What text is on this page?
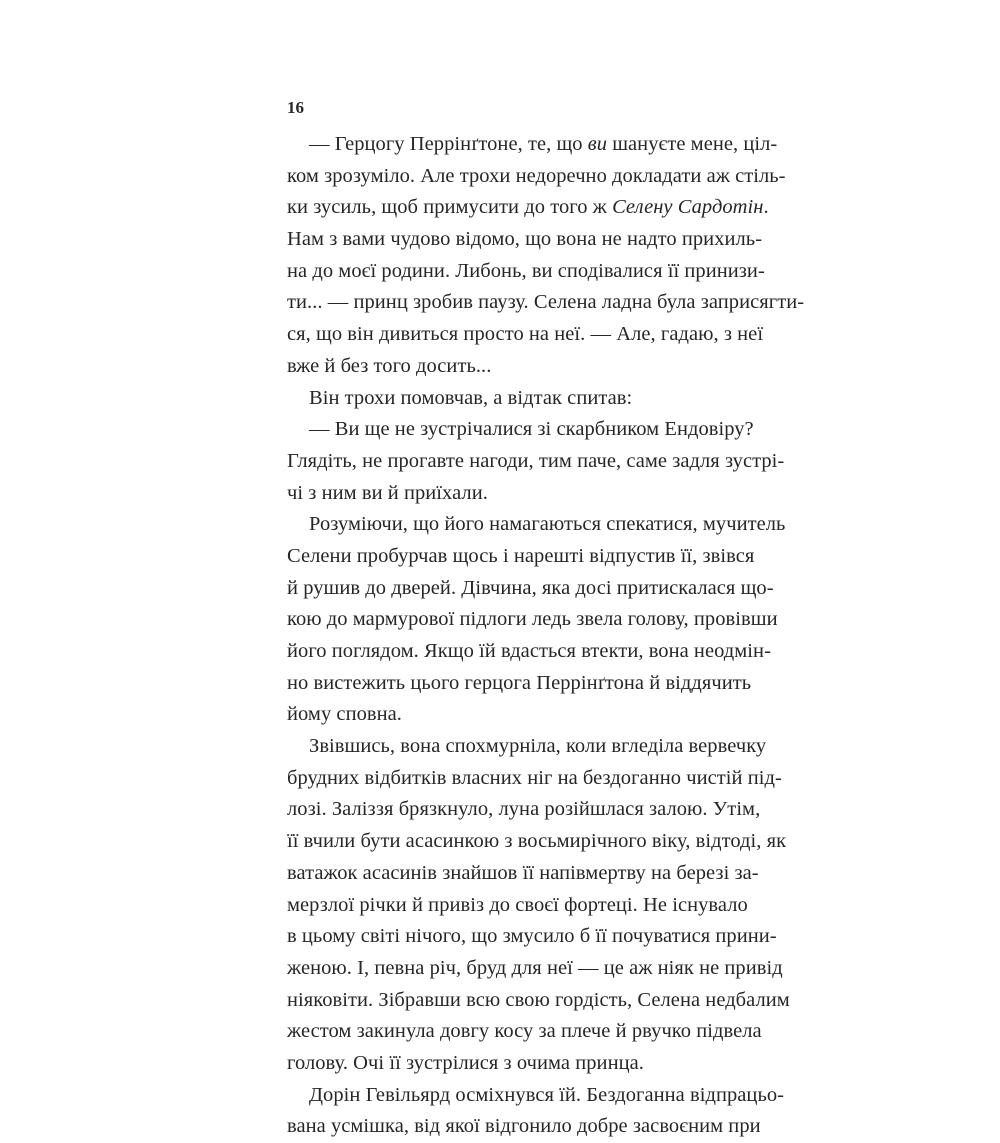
16
— Герцогу Перрінґтоне, те, що ви шануєте мене, цiл-
ком зрозуміло. Але трохи недоречно докладати аж стіль-
ки зусиль, щоб примусити до того ж Селену Сардотін.
Нам з вами чудово відомо, що вона не надто прихиль-
на до моєї родини. Либонь, ви сподівалися її принизи-
ти... — принц зробив паузу. Селена ладна була заприсягти-
ся, що він дивиться просто на неї. — Але, гадаю, з неї
вже й без того досить...
Він трохи помовчав, а відтак спитав:
— Ви ще не зустрічалися зі скарбником Ендовіру?
Глядіть, не прогавте нагоди, тим паче, саме задля зустрі-
чі з ним ви й приїхали.
Розуміючи, що його намагаються спекатися, мучитель
Селени пробурчав щось і нарешті відпустив її, звівся
й рушив до дверей. Дівчина, яка досі притискалася що-
кою до мармурової підлоги ледь звела голову, провівши
його поглядом. Якщо їй вдасться втекти, вона неодмін-
но вистежить цього герцога Перрінґтона й віддячить
йому сповна.
Звівшись, вона спохмурніла, коли вгледіла вервечку
брудних відбитків власних ніг на бездоганно чистій під-
лозі. Заліззя брязкнуло, луна розійшлася залою. Утім,
її вчили бути асасинкою з восьмирічного віку, відтоді, як
ватажок асасинів знайшов її напівмертву на березі за-
мерзлої річки й привіз до своєї фортеці. Не існувало
в цьому світі нічого, що змусило б її почуватися прини-
женою. І, певна річ, бруд для неї — це аж ніяк не привід
ніяковіти. Зібравши всю свою гордість, Селена недбалим
жестом закинула довгу косу за плече й рвучко підвела
голову. Очі її зустрілися з очима принца.
Дорін Гевільярд осміхнувся їй. Бездоганна відпрацьо-
вана усмішка, від якої відгонило добре засвоєним при
